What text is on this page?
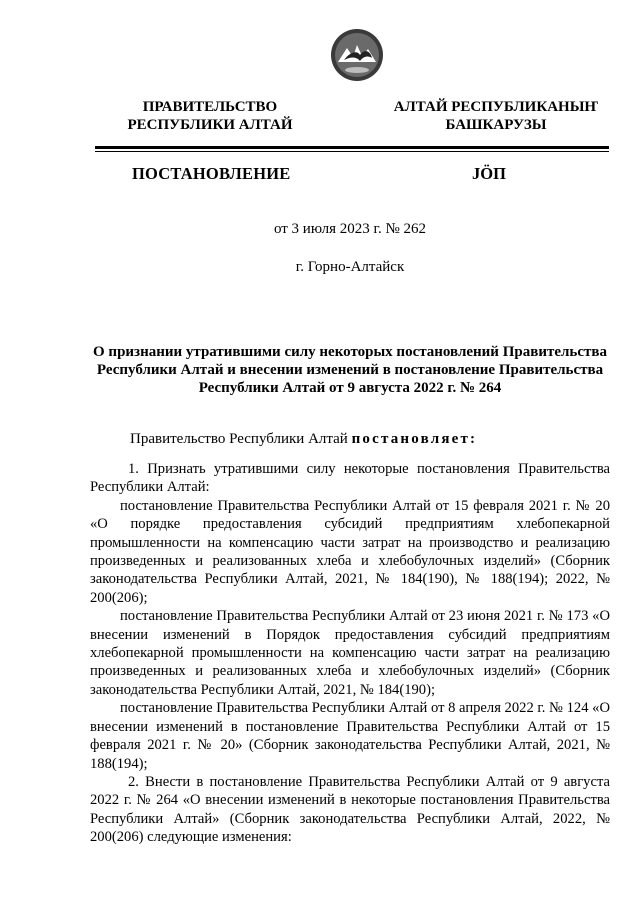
ПРАВИТЕЛЬСТВО
РЕСПУБЛИКИ АЛТАЙ
АЛТАЙ РЕСПУБЛИКАНЫҤ
БАШКАРУЗЫ
ПОСТАНОВЛЕНИЕ	JӦП
от 3 июля 2023 г. № 262
г. Горно-Алтайск
О признании утратившими силу некоторых постановлений Правительства
Республики Алтай и внесении изменений в постановление Правительства
Республики Алтай от 9 августа 2022 г. № 264
Правительство Республики Алтай постановляет:

1. Признать утратившими силу некоторые постановления Правительства Республики Алтай:

постановление Правительства Республики Алтай от 15 февраля 2021 г. № 20 «О порядке предоставления субсидий предприятиям хлебопекарной промышленности на компенсацию части затрат на производство и реализацию произведенных и реализованных хлеба и хлебобулочных изделий» (Сборник законодательства Республики Алтай, 2021, № 184(190), № 188(194); 2022, № 200(206);

постановление Правительства Республики Алтай от 23 июня 2021 г. № 173 «О внесении изменений в Порядок предоставления субсидий предприятиям хлебопекарной промышленности на компенсацию части затрат на реализацию произведенных и реализованных хлеба и хлебобулочных изделий» (Сборник законодательства Республики Алтай, 2021, № 184(190);

постановление Правительства Республики Алтай от 8 апреля 2022 г. № 124 «О внесении изменений в постановление Правительства Республики Алтай от 15 февраля 2021 г. № 20» (Сборник законодательства Республики Алтай, 2021, № 188(194);

2. Внести в постановление Правительства Республики Алтай от 9 августа 2022 г. № 264 «О внесении изменений в некоторые постановления Правительства Республики Алтай» (Сборник законодательства Республики Алтай, 2022, № 200(206) следующие изменения:
